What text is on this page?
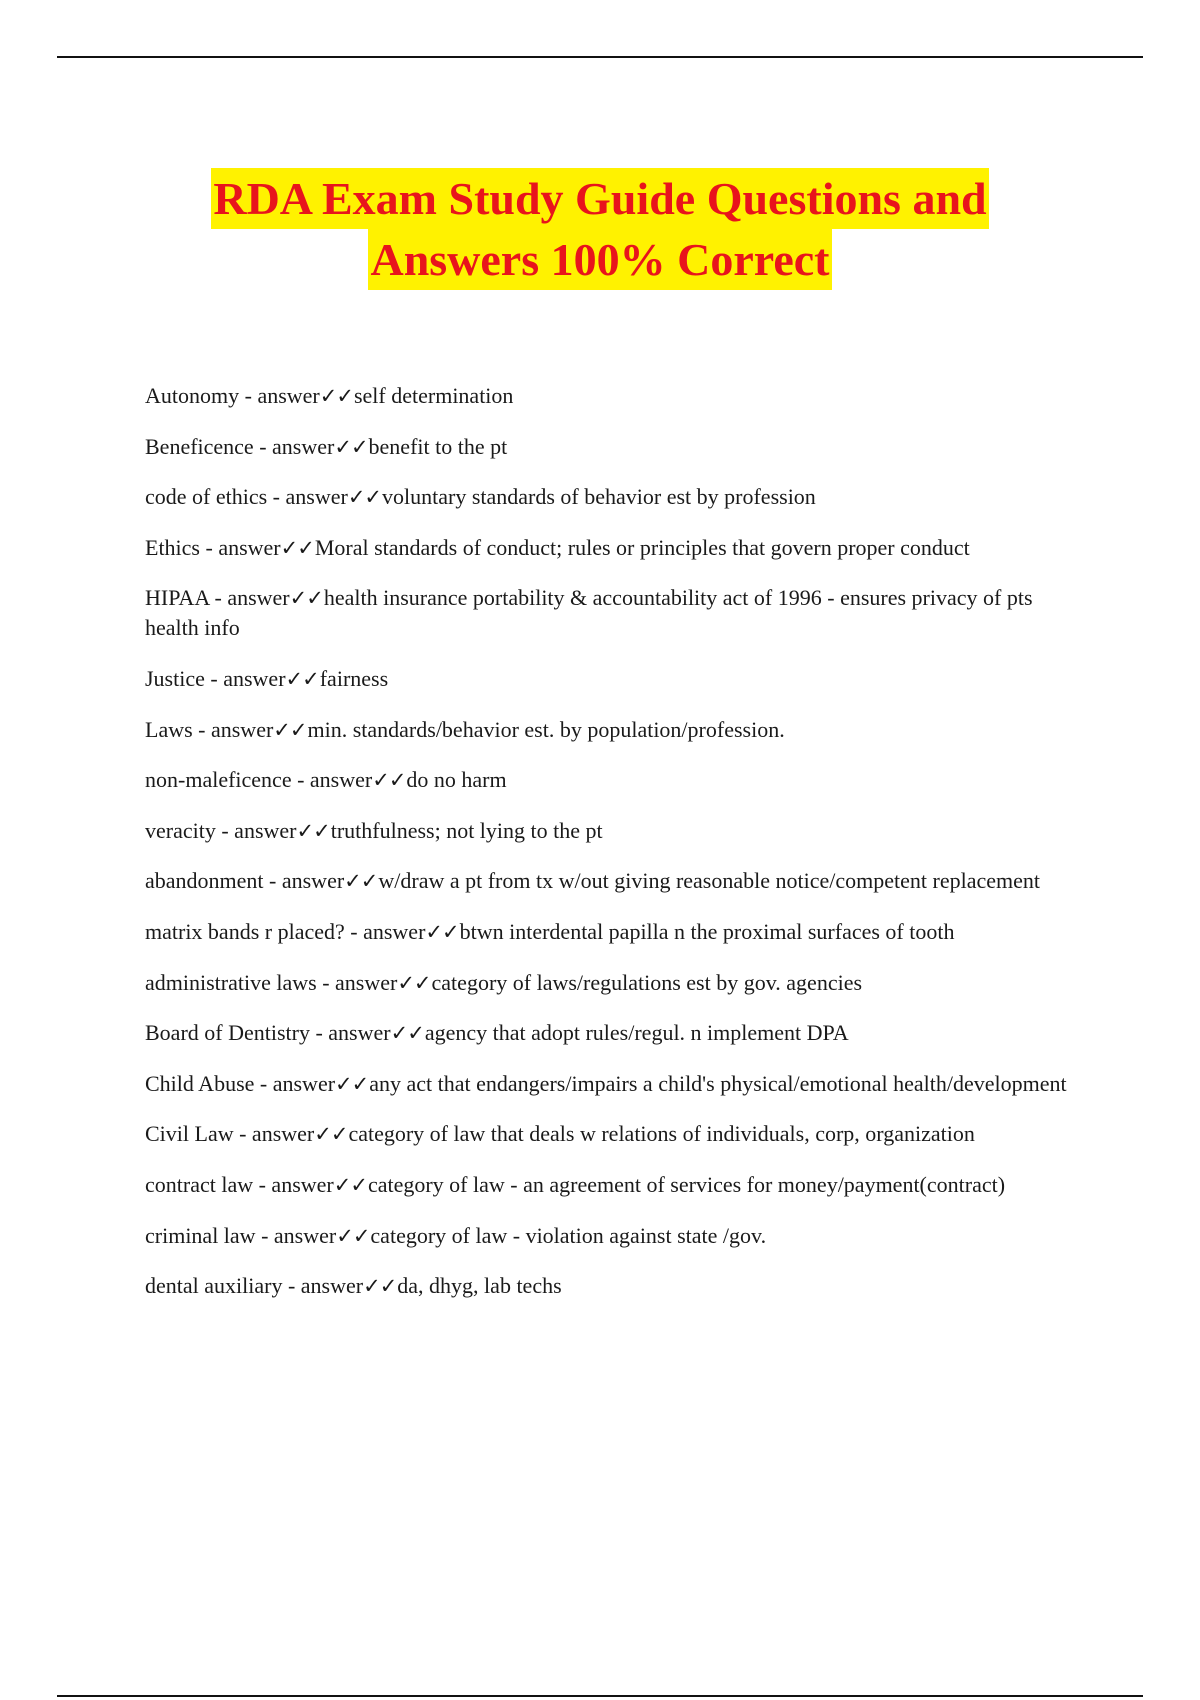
RDA Exam Study Guide Questions and
Answers 100% Correct
Autonomy - answer✓✓self determination
Beneficence - answer✓✓benefit to the pt
code of ethics - answer✓✓voluntary standards of behavior est by profession
Ethics - answer✓✓Moral standards of conduct; rules or principles that govern proper conduct
HIPAA - answer✓✓health insurance portability & accountability act of 1996 - ensures privacy of pts health info
Justice - answer✓✓fairness
Laws - answer✓✓min. standards/behavior est. by population/profession.
non-maleficence - answer✓✓do no harm
veracity - answer✓✓truthfulness; not lying to the pt
abandonment - answer✓✓w/draw a pt from tx w/out giving reasonable notice/competent replacement
matrix bands r placed? - answer✓✓btwn interdental papilla n the proximal surfaces of tooth
administrative laws - answer✓✓category of laws/regulations est by gov. agencies
Board of Dentistry - answer✓✓agency that adopt rules/regul. n implement DPA
Child Abuse - answer✓✓any act that endangers/impairs a child's physical/emotional health/development
Civil Law - answer✓✓category of law that deals w relations of individuals, corp, organization
contract law - answer✓✓category of law - an agreement of services for money/payment(contract)
criminal law - answer✓✓category of law - violation against state /gov.
dental auxiliary - answer✓✓da, dhyg, lab techs
